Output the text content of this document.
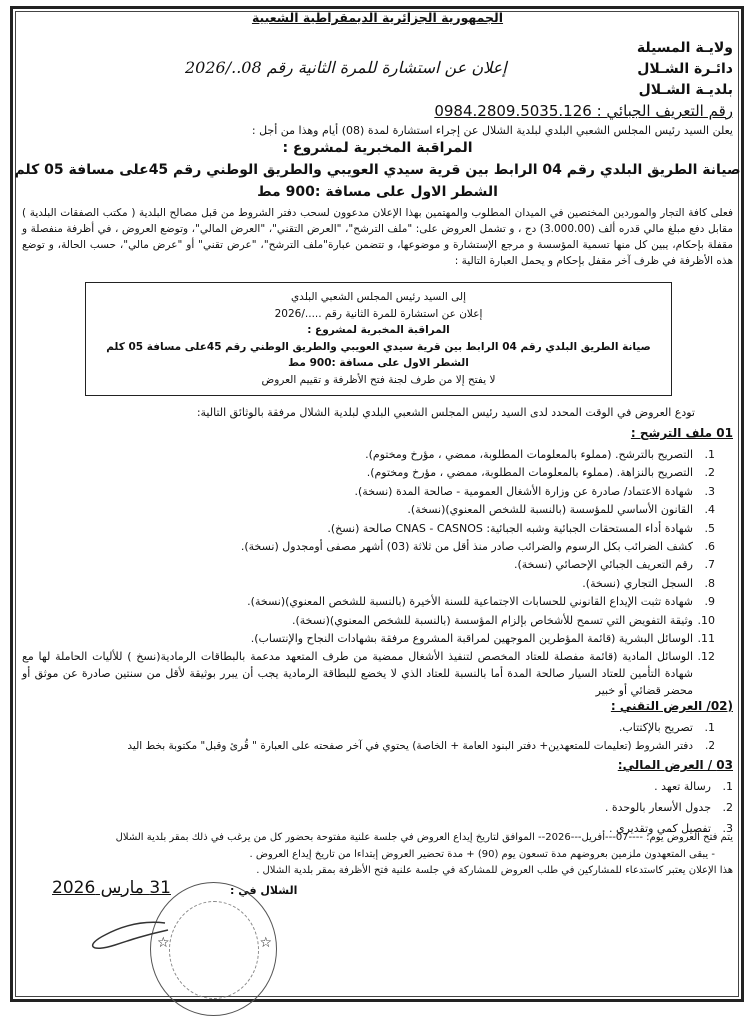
الجمهورية الجزائرية الديمقراطية الشعبية
ولايـة المسيلة
دائـرة الشـلال
إعلان عن استشارة للمرة الثانية رقم 08../2026
بلديـة الشـلال
رقم التعريف الجبائي : 0984.2809.5035.126
يعلن السيد رئيس المجلس الشعبي البلدي لبلدية الشلال عن إجراء استشارة لمدة (08) أيام وهذا من أجل :
المراقبة المخبرية لمشروع :
صيانة الطريق البلدي رقم 04 الرابط بين قرية سيدي العويبي والطريق الوطني رقم 45على مسافة 05 كلم
الشطر الاول على مسافة :900 مط
فعلى كافة التجار والموردين المختصين في الميدان المطلوب والمهتمين بهذا الإعلان مدعوون لسحب دفتر الشروط من قبل مصالح البلدية ( مكتب الصفقات البلدية ) مقابل دفع مبلغ مالي قدره ألف (3.000.00) دج ، و تشمل العروض على: "ملف الترشح"، "العرض التقني"، "العرض المالي"، وتوضع العروض ، في أظرفة منفصلة و مقفلة بإحكام، يبين كل منها تسمية المؤسسة و مرجع الإستشارة و موضوعها، و تتضمن عبارة"ملف الترشح"، "عرض تقني" أو "عرض مالي"، حسب الحالة، و توضع هذه الأظرفة في ظرف آخر مقفل بإحكام و يحمل العبارة التالية :
إلى السيد رئيس المجلس الشعبي البلدي
إعلان عن استشارة للمرة الثانية رقم ...../2026
المراقبة المخبرية لمشروع :
صيانة الطريق البلدي رقم 04 الرابط بين قرية سيدي العويبي والطريق الوطني رقم 45على مسافة 05 كلم
الشطر الاول على مسافة :900 مط
لا يفتح إلا من طرف لجنة فتح الأظرفة و تقييم العروض
تودع العروض في الوقت المحدد لدى السيد رئيس المجلس الشعبي البلدي لبلدية الشلال مرفقة بالوثائق التالية:
01 ملف الترشح :
1.التصريح بالترشح. (مملوء بالمعلومات المطلوبة، ممضي ، مؤرخ ومختوم).
2.التصريح بالنزاهة. (مملوء بالمعلومات المطلوبة، ممضي ، مؤرخ ومختوم).
3.شهادة الاعتماد/ صادرة عن وزارة الأشغال العمومية - صالحة المدة (نسخة).
4.القانون الأساسي للمؤسسة (بالنسبة للشخص المعنوي)(نسخة).
5.شهادة أداء المستحقات الجبائية وشبه الجبائية: CNAS - CASNOS صالحة (نسخ).
6.كشف الضرائب بكل الرسوم والضرائب صادر منذ أقل من ثلاثة (03) أشهر مصفى أومجدول (نسخة).
7.رقم التعريف الجبائي الإحصائي (نسخة).
8.السجل التجاري (نسخة).
9.شهادة تثبت الإيداع القانوني للحسابات الاجتماعية للسنة الأخيرة (بالنسبة للشخص المعنوي)(نسخة).
10.وثيقة التفويض التي تسمح للأشخاص بإلزام المؤسسة (بالنسبة للشخص المعنوي)(نسخة).
11.الوسائل البشرية (قائمة المؤطرين الموجهين لمراقبة المشروع مرفقة بشهادات النجاح والإنتساب).
12.
الوسائل المادية (قائمة مفصلة للعتاد المخصص لتنفيذ الأشغال ممضية من طرف المتعهد مدعمة بالبطاقات الرمادية(نسخ ) للأليات الحاملة لها مع شهادة التأمين للعتاد السيار صالحة المدة أما بالنسبة للعتاد الذي لا يخضع للبطاقة الرمادية يجب أن يبرر بوثيقة لأقل من سنتين صادرة عن موثق أو محضر قضائي أو خبير
(02/ العرض التقني :
1.تصريح بالإكتتاب.
2.دفتر الشروط (تعليمات للمتعهدين+ دفتر البنود العامة + الخاصة) يحتوي في آخر صفحته على العبارة " قُرئ وقبل" مكتوبة بخط اليد
03 / العرض المالي:
1.رسالة تعهد .
2.جدول الأسعار بالوحدة .
3.تفصيل كمي وتقديري .
يتم فتح العروض يوم: ----07---أفريل---2026-- الموافق لتاريخ إيداع العروض في جلسة علنية مفتوحة بحضور كل من يرغب في ذلك بمقر بلدية الشلال
- يبقى المتعهدون ملزمين بعروضهم مدة تسعون يوم (90) + مدة تحضير العروض إبتداءا من تاريخ إيداع العروض .
هذا الإعلان يعتبر كاستدعاء للمشاركين في طلب العروض للمشاركة في جلسة علنية فتح الأظرفة بمقر بلدية الشلال .
الشلال في :
31 مارس 2026
☆	☆
